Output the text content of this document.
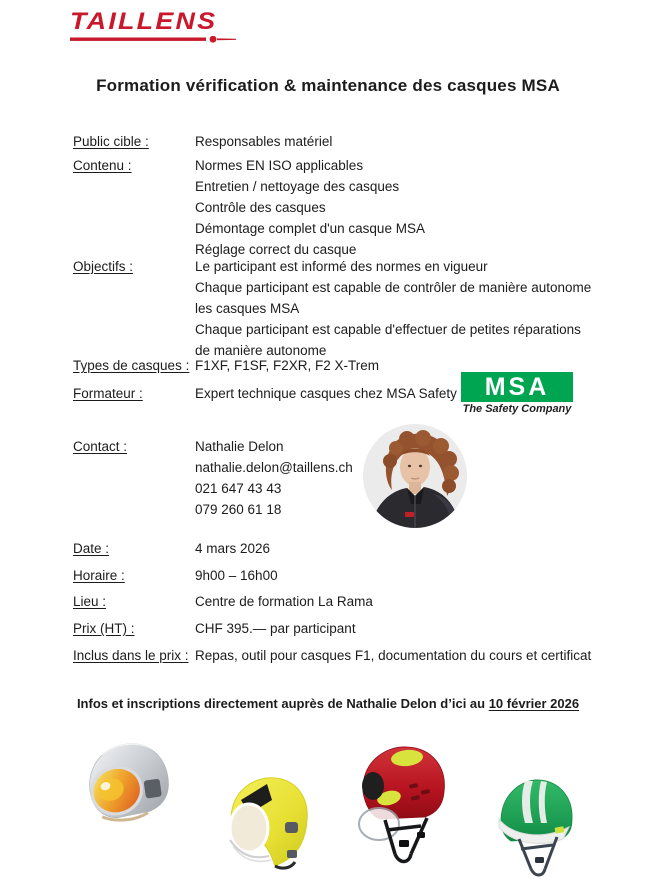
TAILLENS
Formation vérification & maintenance des casques MSA
Public cible :	Responsables matériel
Contenu :	Normes EN ISO applicables
Entretien / nettoyage des casques
Contrôle des casques
Démontage complet d'un casque MSA
Réglage correct du casque
Objectifs :	Le participant est informé des normes en vigueur
Chaque participant est capable de contrôler de manière autonome
les casques MSA
Chaque participant est capable d'effectuer de petites réparations
de manière autonome
Types de casques : F1XF, F1SF, F2XR, F2 X-Trem
Formateur :	Expert technique casques chez MSA Safety
Contact :	Nathalie Delon
nathalie.delon@taillens.ch
021 647 43 43
079 260 61 18
Date :	4 mars 2026
Horaire :	9h00 – 16h00
Lieu :	Centre de formation La Rama
Prix (HT) :	CHF 395.— par participant
Inclus dans le prix : Repas, outil pour casques F1, documentation du cours et certificat
MSA
The Safety Company
Infos et inscriptions directement auprès de Nathalie Delon d’ici au 10 février 2026
